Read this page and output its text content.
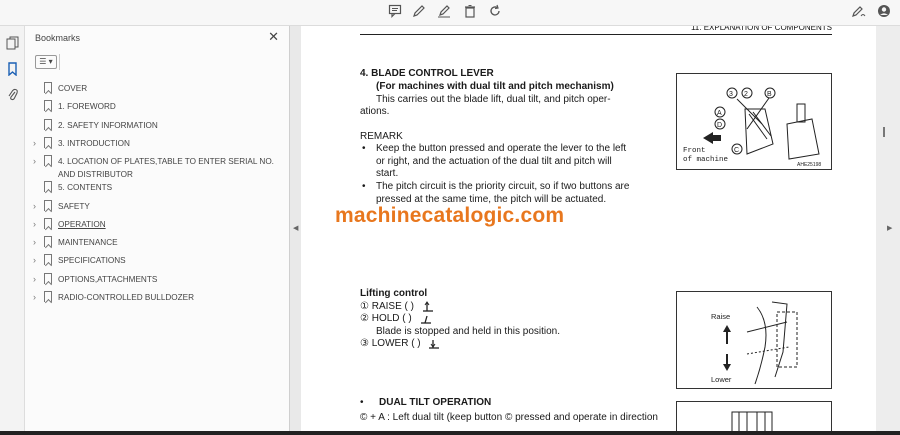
Bookmarks	✕
☰ ▾
COVER
1. FOREWORD
2. SAFETY INFORMATION
›	3. INTRODUCTION
›	4. LOCATION OF PLATES,TABLE TO ENTER SERIAL NO. AND DISTRIBUTOR
5. CONTENTS
›	SAFETY
›	OPERATION
›	MAINTENANCE
›	SPECIFICATIONS
›	OPTIONS,ATTACHMENTS
›	RADIO-CONTROLLED BULLDOZER
◀
11. EXPLANATION OF COMPONENTS
4. BLADE CONTROL LEVER
(For machines with dual tilt and pitch mechanism)
This carries out the blade lift, dual tilt, and pitch oper-
ations.
REMARK
• Keep the button pressed and operate the lever to the left
or right, and the actuation of the dual tilt and pitch will
start.
• The pitch circuit is the priority circuit, so if two buttons are
pressed at the same time, the pitch will be actuated.
3 2	B
A
D
C
Front
of machine
AHE25198
machinecatalogic.com
Lifting control
① RAISE ( )
② HOLD ( )
Blade is stopped and held in this position.
③ LOWER ( )
Raise
Lower
• DUAL TILT OPERATION
© + A : Left dual tilt (keep button © pressed and operate in direction
▶
